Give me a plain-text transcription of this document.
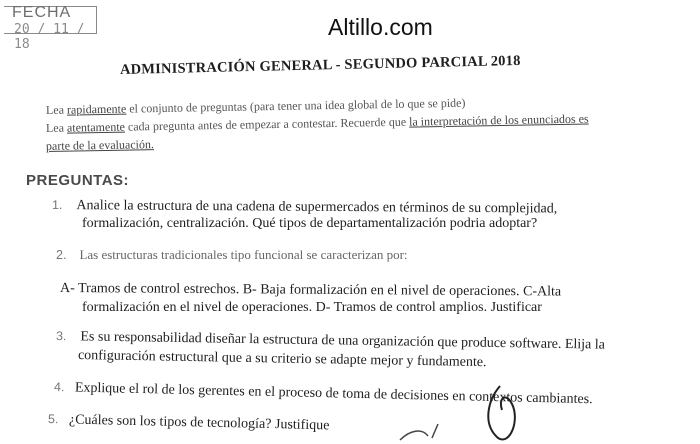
FECHA
20 / 11 / 18
Altillo.com
ADMINISTRACIÓN GENERAL - SEGUNDO PARCIAL 2018
Lea rapidamente el conjunto de preguntas (para tener una idea global de lo que se pide)
Lea atentamente cada pregunta antes de empezar a contestar. Recuerde que la interpretación de los enunciados es
parte de la evaluación.
PREGUNTAS:
1. Analice la estructura de una cadena de supermercados en términos de su complejidad,
formalización, centralización. Qué tipos de departamentalización podria adoptar?
2. Las estructuras tradicionales tipo funcional se caracterizan por:
A- Tramos de control estrechos. B- Baja formalización en el nivel de operaciones. C-Alta
formalización en el nivel de operaciones. D- Tramos de control amplios. Justificar
3. Es su responsabilidad diseñar la estructura de una organización que produce software. Elija la
configuración estructural que a su criterio se adapte mejor y fundamente.
4. Explique el rol de los gerentes en el proceso de toma de decisiones en contextos cambiantes.
5. ¿Cuáles son los tipos de tecnología? Justifique
